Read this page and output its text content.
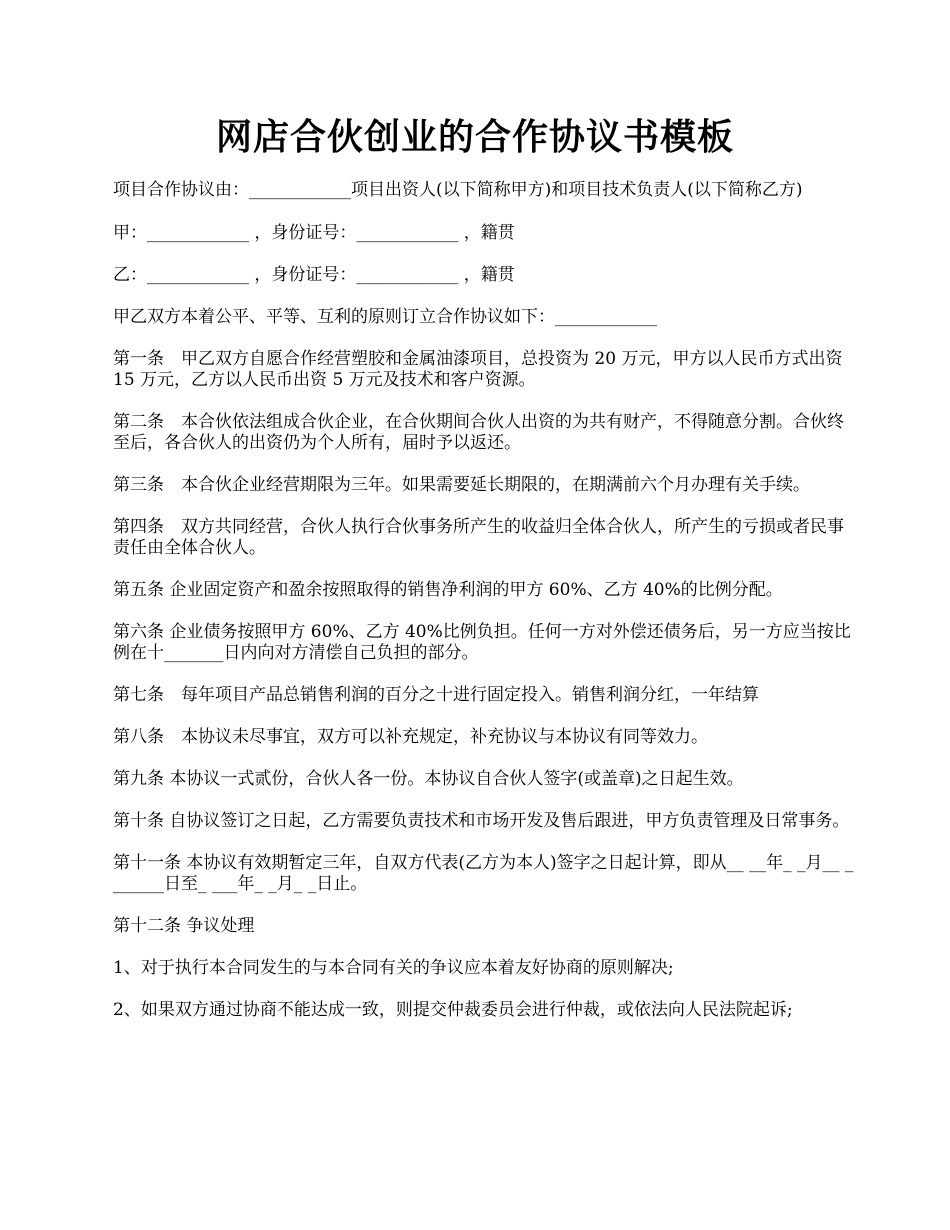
网店合伙创业的合作协议书模板

项目合作协议由：____________项目出资人(以下简称甲方)和项目技术负责人(以下简称乙方)

甲：____________ ，身份证号：____________ ，籍贯

乙：____________ ，身份证号：____________ ，籍贯

甲乙双方本着公平、平等、互利的原则订立合作协议如下：____________

第一条　甲乙双方自愿合作经营塑胶和金属油漆项目，总投资为 20 万元，甲方以人民币方式出资 15 万元，乙方以人民币出资 5 万元及技术和客户资源。

第二条　本合伙依法组成合伙企业，在合伙期间合伙人出资的为共有财产，不得随意分割。合伙终至后，各合伙人的出资仍为个人所有，届时予以返还。

第三条　本合伙企业经营期限为三年。如果需要延长期限的，在期满前六个月办理有关手续。

第四条　双方共同经营，合伙人执行合伙事务所产生的收益归全体合伙人，所产生的亏损或者民事责任由全体合伙人。

第五条 企业固定资产和盈余按照取得的销售净利润的甲方 60%、乙方 40%的比例分配。

第六条 企业债务按照甲方 60%、乙方 40%比例负担。任何一方对外偿还债务后，另一方应当按比例在十_______日内向对方清偿自己负担的部分。

第七条　每年项目产品总销售利润的百分之十进行固定投入。销售利润分红，一年结算

第八条　本协议未尽事宜，双方可以补充规定，补充协议与本协议有同等效力。

第九条 本协议一式贰份，合伙人各一份。本协议自合伙人签字(或盖章)之日起生效。

第十条 自协议签订之日起，乙方需要负责技术和市场开发及售后跟进，甲方负责管理及日常事务。

第十一条 本协议有效期暂定三年，自双方代表(乙方为本人)签字之日起计算，即从__ __年_ _月__ _______日至_ ___年_ _月_ _日止。

第十二条 争议处理

1、对于执行本合同发生的与本合同有关的争议应本着友好协商的原则解决;

2、如果双方通过协商不能达成一致，则提交仲裁委员会进行仲裁，或依法向人民法院起诉;
